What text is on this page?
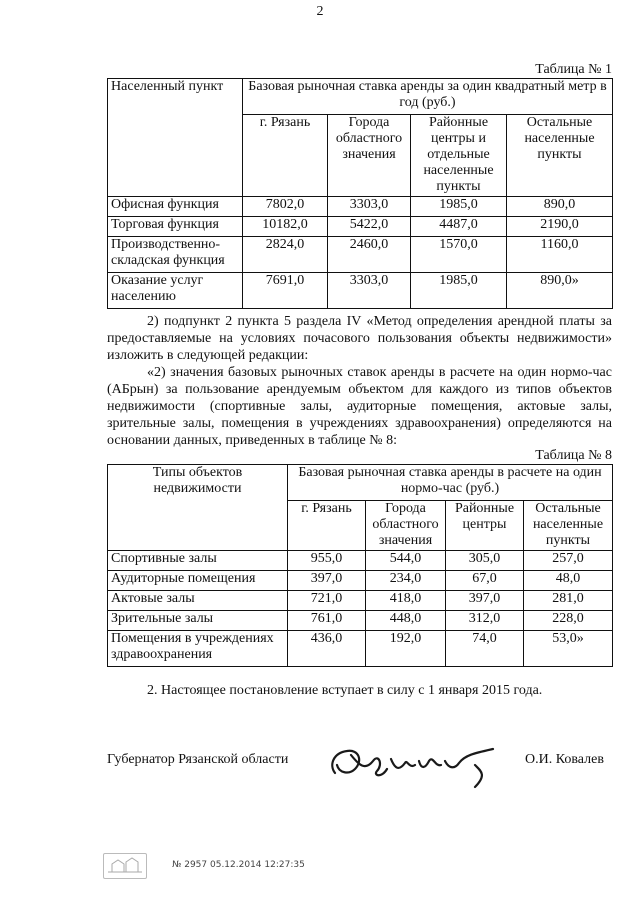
2
Таблица № 1
Населенный пункт	Базовая рыночная ставка аренды за один квадратный метр в год (руб.)			
	г. Рязань	Города областного значения	Районные центры и отдельные населенные пункты	Остальные населенные пункты
Офисная функция	7802,0	3303,0	1985,0	890,0
Торговая функция	10182,0	5422,0	4487,0	2190,0
Производственно-складская функция	2824,0	2460,0	1570,0	1160,0
Оказание услуг населению	7691,0	3303,0	1985,0	890,0»
2) подпункт 2 пункта 5 раздела IV «Метод определения арендной платы за предоставляемые на условиях почасового пользования объекты недвижимости» изложить в следующей редакции:
«2) значения базовых рыночных ставок аренды в расчете на один нормо-час (АБрын) за пользование арендуемым объектом для каждого из типов объектов недвижимости (спортивные залы, аудиторные помещения, актовые залы, зрительные залы, помещения в учреждениях здравоохранения) определяются на основании данных, приведенных в таблице № 8:
Таблица № 8
Типы объектов недвижимости	Базовая рыночная ставка аренды в расчете на один нормо-час (руб.)			
	г. Рязань	Города областного значения	Районные центры	Остальные населенные пункты
Спортивные залы	955,0	544,0	305,0	257,0
Аудиторные помещения	397,0	234,0	67,0	48,0
Актовые залы	721,0	418,0	397,0	281,0
Зрительные залы	761,0	448,0	312,0	228,0
Помещения в учреждениях здравоохранения	436,0	192,0	74,0	53,0»
2. Настоящее постановление вступает в силу с 1 января 2015 года.
Губернатор Рязанской области	О.И. Ковалев
№ 2957 05.12.2014 12:27:35
